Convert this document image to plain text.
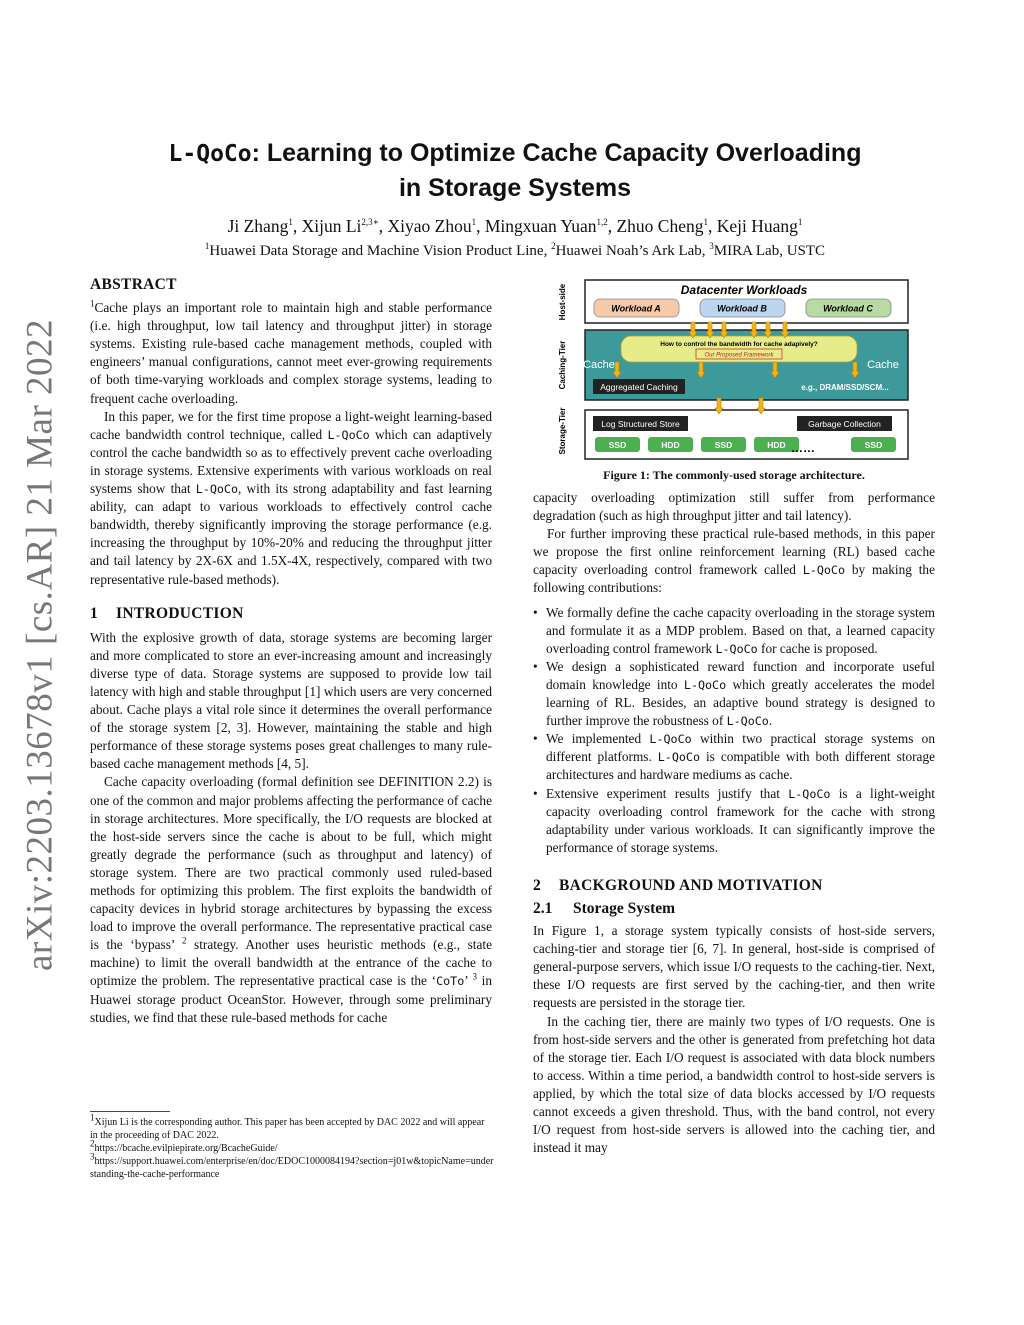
arXiv:2203.13678v1 [cs.AR] 21 Mar 2022
L-QoCo: Learning to Optimize Cache Capacity Overloading
in Storage Systems
Ji Zhang$^1$, Xijun $Li^{2,3∗}$, Xiyao Zhou$^1$, Mingxuan Yuan$^{1,2}$, Zhuo Cheng$^1$, Keji Huang$^1$
$^1$Huawei Data Storage and Machine Vision Product Line, $^2$Huawei Noah’s Ark Lab, $^3$MIRA Lab, USTC
ABSTRACT

$^1$Cache plays an important role to maintain high and stable performance (i.e. high throughput, low tail latency and throughput jitter) in storage systems. Existing rule-based cache management methods, coupled with engineers’ manual configurations, cannot meet ever-growing requirements of both time-varying workloads and complex storage systems, leading to frequent cache overloading.

In this paper, we for the first time propose a light-weight learning-based cache bandwidth control technique, called L-QoCo which can adaptively control the cache bandwidth so as to effectively prevent cache overloading in storage systems. Extensive experiments with various workloads on real systems show that L-QoCo, with its strong adaptability and fast learning ability, can adapt to various workloads to effectively control cache bandwidth, thereby significantly improving the storage performance (e.g. increasing the throughput by 10%-20% and reducing the throughput jitter and tail latency by 2X-6X and 1.5X-4X, respectively, compared with two representative rule-based methods).

1 INTRODUCTION

With the explosive growth of data, storage systems are becoming larger and more complicated to store an ever-increasing amount and increasingly diverse type of data. Storage systems are supposed to provide low tail latency with high and stable throughput [1] which users are very concerned about. Cache plays a vital role since it determines the overall performance of the storage system [2, 3]. However, maintaining the stable and high performance of these storage systems poses great challenges to many rule-based cache management methods [4, 5].

Cache capacity overloading (formal definition see DEFINITION 2.2) is one of the common and major problems affecting the performance of cache in storage architectures. More specifically, the I/O requests are blocked at the host-side servers since the cache is about to be full, which might greatly degrade the performance (such as throughput and latency) of storage system. There are two practical commonly used ruled-based methods for optimizing this problem. The first exploits the bandwidth of capacity devices in hybrid storage architectures by bypassing the excess load to improve the overall performance. The representative practical case is the ‘bypass’ $^2$ strategy. Another uses heuristic methods (e.g., state machine) to limit the overall bandwidth at the entrance of the cache to optimize the problem. The representative practical case is the ‘CoTo’ $^3$ in Huawei storage product OceanStor. However, through some preliminary studies, we find that these rule-based methods for cache

$^1$Xijun Li is the corresponding author. This paper has been accepted by DAC 2022 and will appear in the proceeding of DAC 2022.

$^2$https://bcache.evilpiepirate.org/BcacheGuide/

$^3$https://support.huawei.com/enterprise/en/doc/EDOC1000084194?section=j01w&topicName=understanding-the-cache-performance

Host-side
Caching-Tier
Storage-Tier
Datacenter Workloads
Workload A	Workload B	Workload C
How to control the bandwidth for cache adapively?
Our Proposed Framework
Cache	Cache
Aggregated Caching	e.g., DRAM/SSD/SCM...
Log Structured Store	Garbage Collection
SSD	HDD	SSD	HDD	SSD
……
Figure 1: The commonly-used storage architecture.

capacity overloading optimization still suffer from performance degradation (such as high throughput jitter and tail latency).

For further improving these practical rule-based methods, in this paper we propose the first online reinforcement learning (RL) based cache capacity overloading control framework called L-QoCo by making the following contributions:

• We formally define the cache capacity overloading in the storage system and formulate it as a MDP problem. Based on that, a learned capacity overloading control framework L-QoCo for cache is proposed.
• We design a sophisticated reward function and incorporate useful domain knowledge into L-QoCo which greatly accelerates the model learning of RL. Besides, an adaptive bound strategy is designed to further improve the robustness of L-QoCo.
• We implemented L-QoCo within two practical storage systems on different platforms. L-QoCo is compatible with both different storage architectures and hardware mediums as cache.
• Extensive experiment results justify that L-QoCo is a light-weight capacity overloading control framework for the cache with strong adaptability under various workloads. It can significantly improve the performance of storage systems.
2 BACKGROUND AND MOTIVATION
2.1 Storage System

In Figure 1, a storage system typically consists of host-side servers, caching-tier and storage tier [6, 7]. In general, host-side is comprised of general-purpose servers, which issue I/O requests to the caching-tier. Next, these I/O requests are first served by the caching-tier, and then write requests are persisted in the storage tier.

In the caching tier, there are mainly two types of I/O requests. One is from host-side servers and the other is generated from prefetching hot data of the storage tier. Each I/O request is associated with data block numbers to access. Within a time period, a bandwidth control to host-side servers is applied, by which the total size of data blocks accessed by I/O requests cannot exceeds a given threshold. Thus, with the band control, not every I/O request from host-side servers is allowed into the caching tier, and instead it may
